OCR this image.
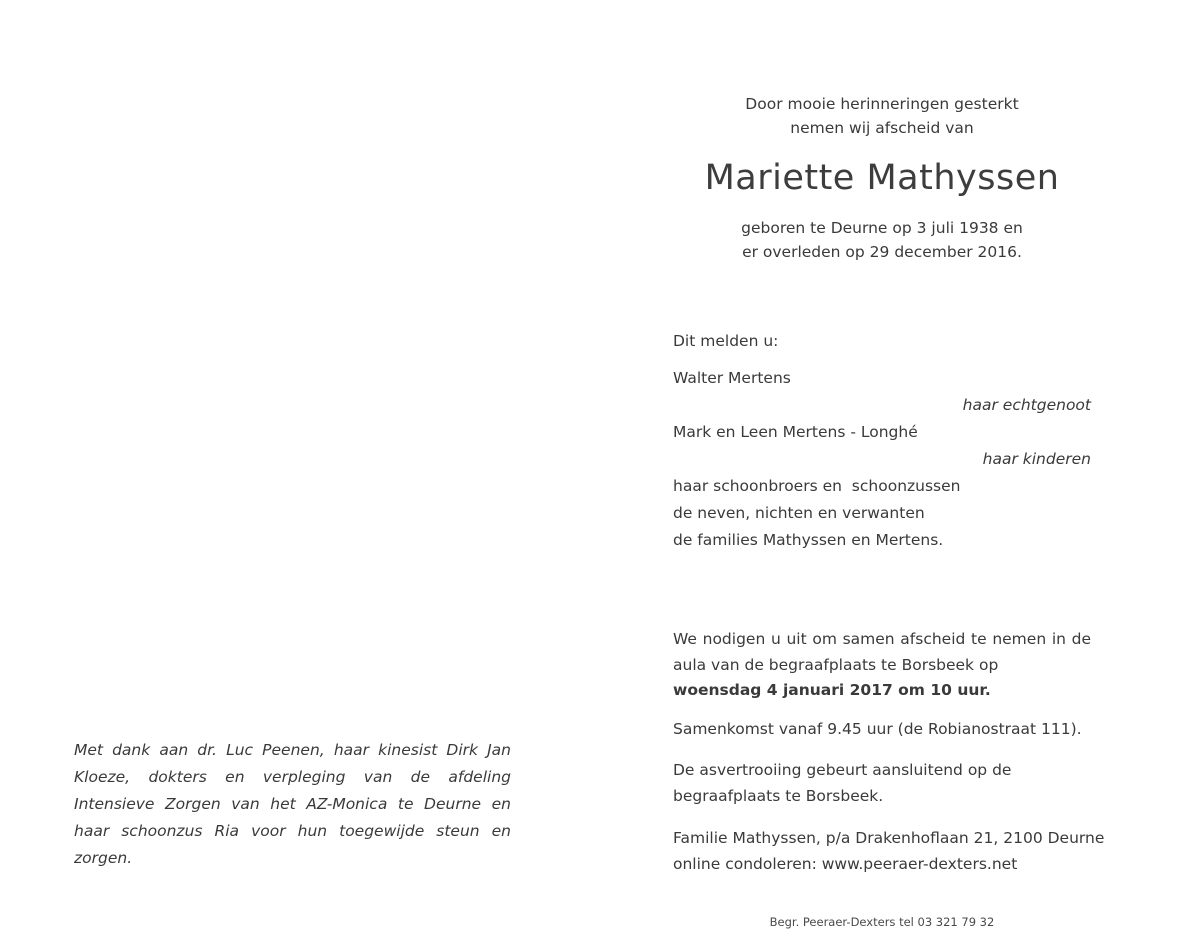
Met dank aan dr. Luc Peenen, haar kinesist Dirk Jan Kloeze, dokters en verpleging van de afdeling Intensieve Zorgen van het AZ-Monica te Deurne en haar schoonzus Ria voor hun toegewijde steun en zorgen.
Door mooie herinneringen gesterkt
nemen wij afscheid van
Mariette Mathyssen
geboren te Deurne op 3 juli 1938 en
er overleden op 29 december 2016.
Dit melden u:
Walter Mertens
haar echtgenoot
Mark en Leen Mertens - Longhé
haar kinderen
haar schoonbroers en  schoonzussen
de neven, nichten en verwanten
de families Mathyssen en Mertens.
We nodigen u uit om samen afscheid te nemen in de aula van de begraafplaats te Borsbeek op
woensdag 4 januari 2017 om 10 uur.
Samenkomst vanaf 9.45 uur (de Robianostraat 111).
De asvertrooiing gebeurt aansluitend op de begraafplaats te Borsbeek.
Familie Mathyssen, p/a Drakenhoflaan 21, 2100 Deurne
online condoleren: www.peeraer-dexters.net
Begr. Peeraer-Dexters tel 03 321 79 32
